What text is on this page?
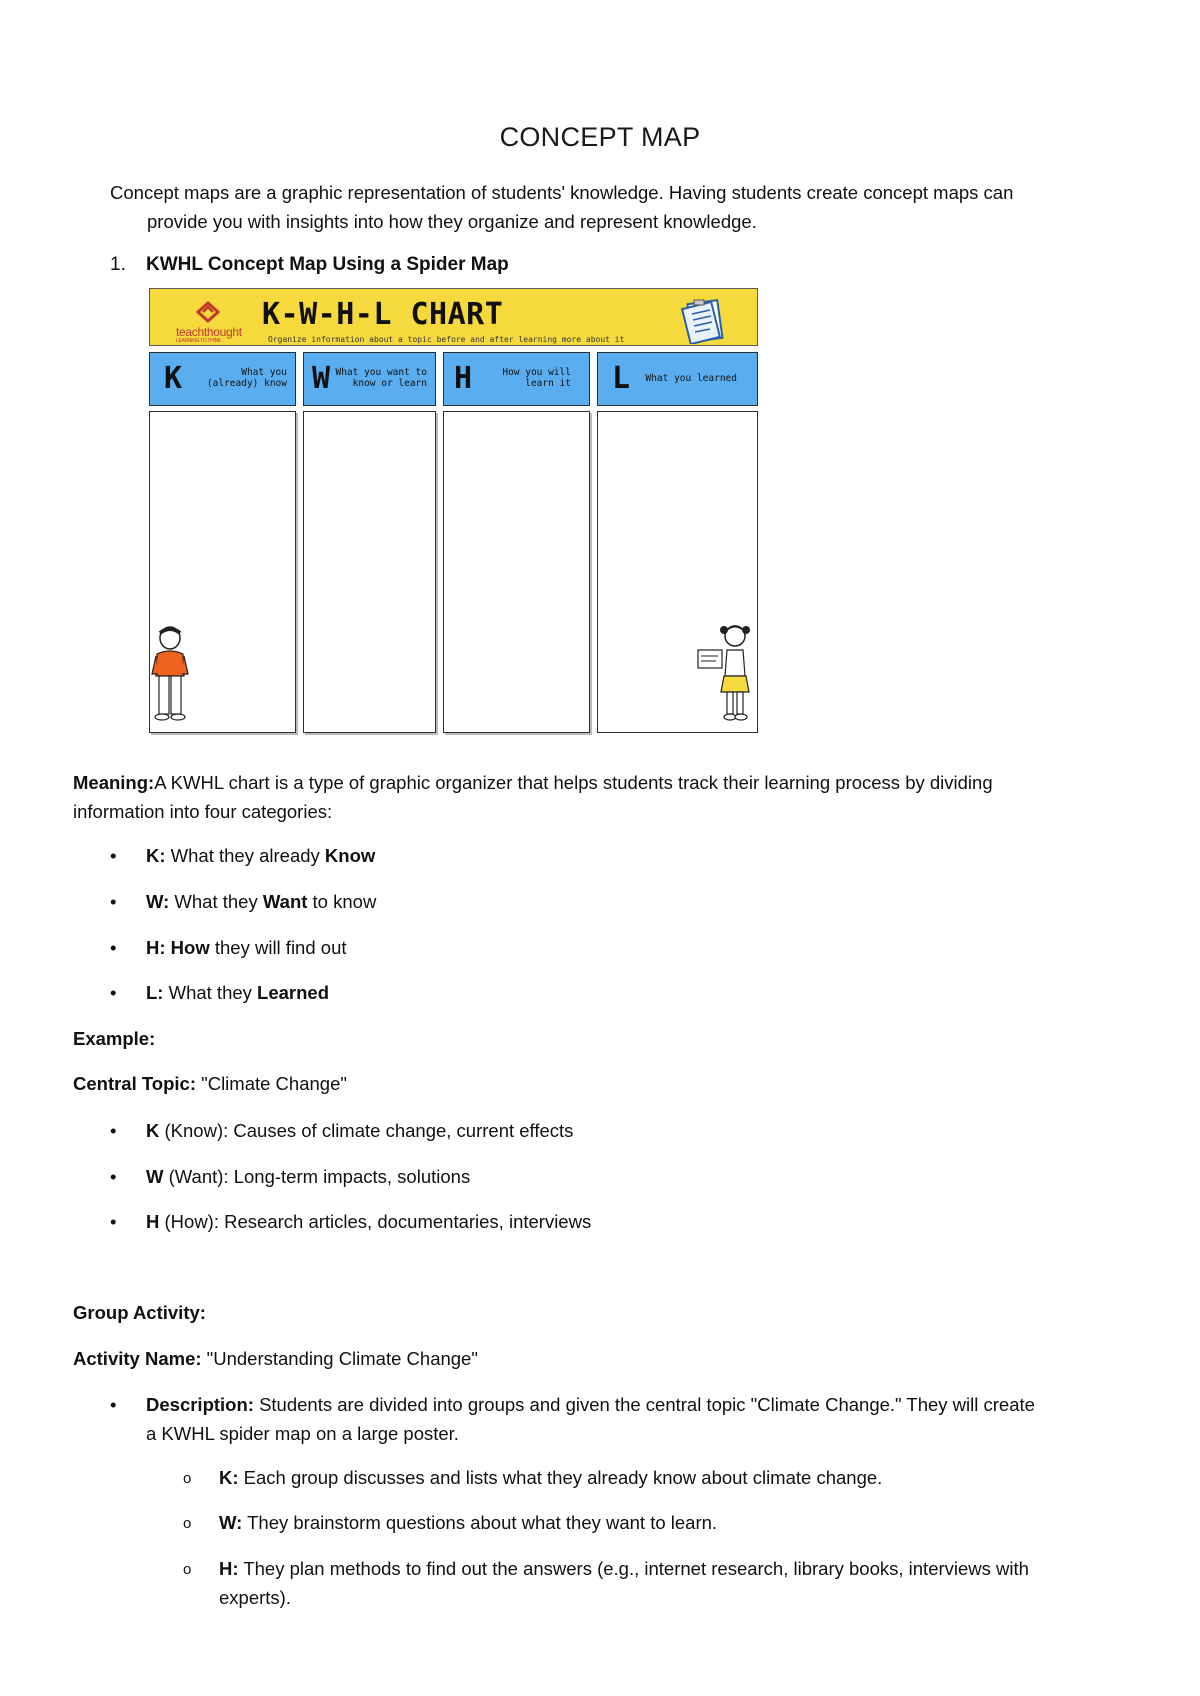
CONCEPT MAP
Concept maps are a graphic representation of students' knowledge. Having students create concept maps can
provide you with insights into how they organize and represent knowledge.
1. KWHL Concept Map Using a Spider Map
teachthought
LEARNING TO THINK
K-W-H-L CHART
Organize information about a topic before and after learning more about it
K	What you
(already) know W What you want to
know or learn H	How you will
learn it L What you learned
Meaning:A KWHL chart is a type of graphic organizer that helps students track their learning process by dividing
information into four categories:
• K: What they already Know
• W: What they Want to know
• H: How they will find out
• L: What they Learned
Example:
Central Topic: "Climate Change"
• K (Know): Causes of climate change, current effects
• W (Want): Long-term impacts, solutions
• H (How): Research articles, documentaries, interviews
Group Activity:
Activity Name: "Understanding Climate Change"
• Description: Students are divided into groups and given the central topic "Climate Change." They will create
a KWHL spider map on a large poster.
o K: Each group discusses and lists what they already know about climate change.
o W: They brainstorm questions about what they want to learn.
o H: They plan methods to find out the answers (e.g., internet research, library books, interviews with
experts).
